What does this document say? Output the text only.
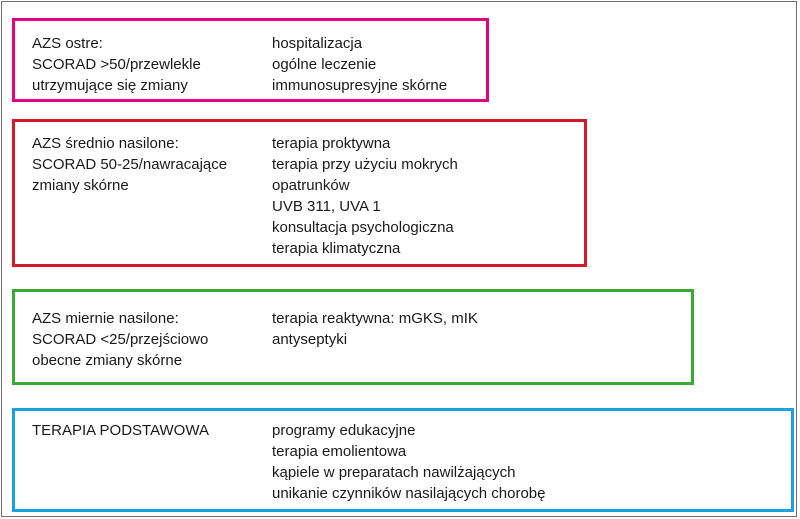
AZS ostre:
SCORAD >50/przewlekle
utrzymujące się zmiany
hospitalizacja
ogólne leczenie
immunosupresyjne skórne
AZS średnio nasilone:
SCORAD 50-25/nawracające
zmiany skórne
terapia proktywna
terapia przy użyciu mokrych
opatrunków
UVB 311, UVA 1
konsultacja psychologiczna
terapia klimatyczna
AZS miernie nasilone:
SCORAD <25/przejściowo
obecne zmiany skórne
terapia reaktywna: mGKS, mIK
antyseptyki
TERAPIA PODSTAWOWA	programy edukacyjne
terapia emolientowa
kąpiele w preparatach nawilżających
unikanie czynników nasilających chorobę
